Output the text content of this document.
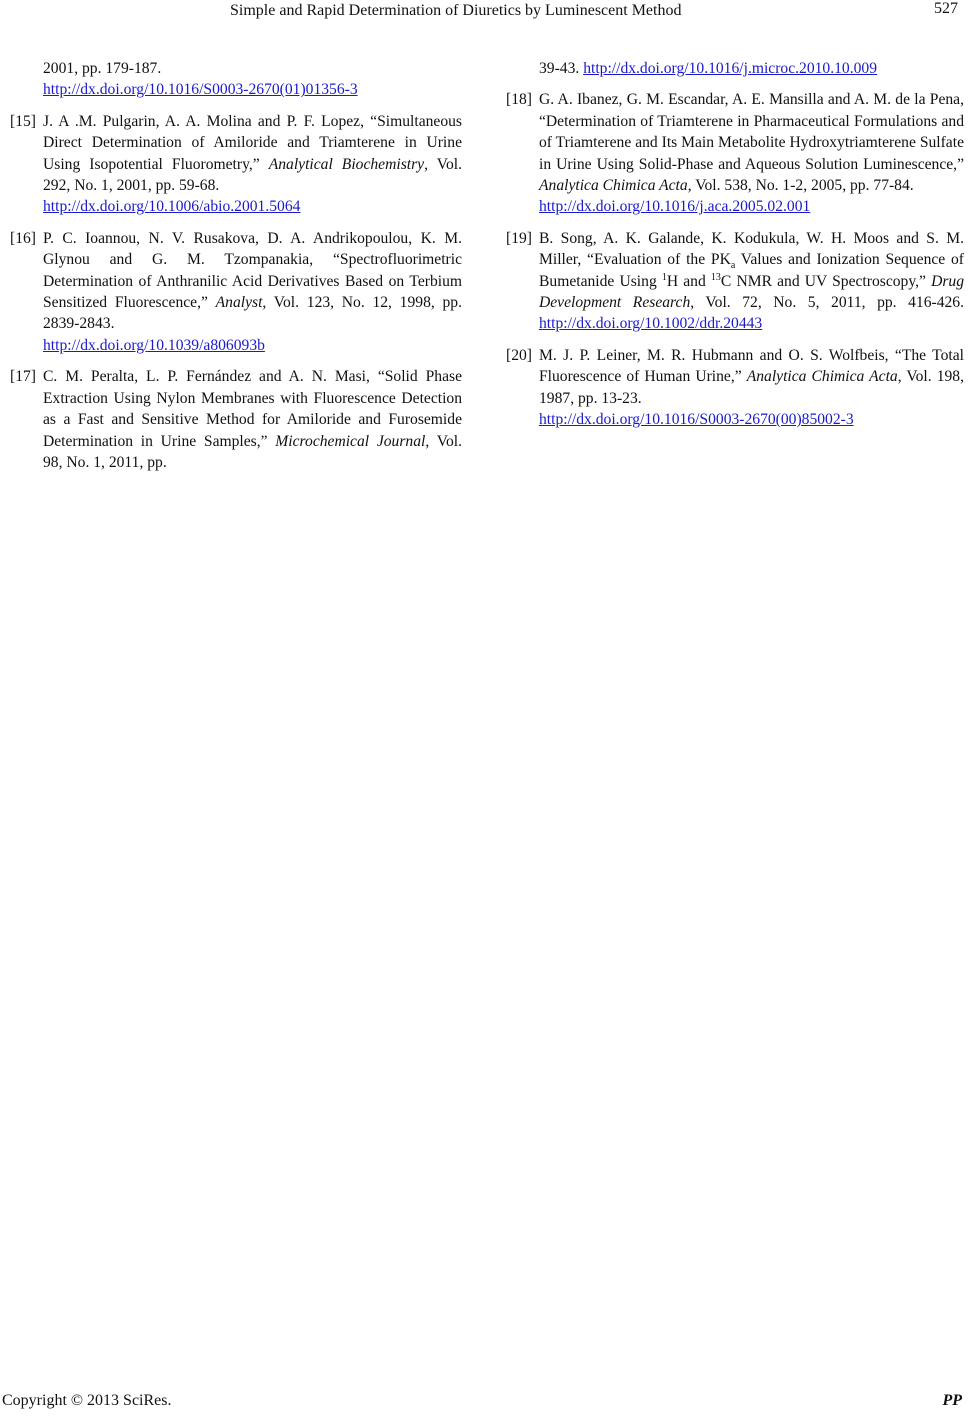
Simple and Rapid Determination of Diuretics by Luminescent Method	527
2001, pp. 179-187.
http://dx.doi.org/10.1016/S0003-2670(01)01356-3
[15] J. A .M. Pulgarin, A. A. Molina and P. F. Lopez, “Simultaneous Direct Determination of Amiloride and Triamterene in Urine Using Isopotential Fluorometry,” Analytical Biochemistry, Vol. 292, No. 1, 2001, pp. 59-68.
http://dx.doi.org/10.1006/abio.2001.5064
[16] P. C. Ioannou, N. V. Rusakova, D. A. Andrikopoulou, K. M. Glynou and G. M. Tzompanakia, “Spectrofluorimetric Determination of Anthranilic Acid Derivatives Based on Terbium Sensitized Fluorescence,” Analyst, Vol. 123, No. 12, 1998, pp. 2839-2843.
http://dx.doi.org/10.1039/a806093b
[17] C. M. Peralta, L. P. Fernández and A. N. Masi, “Solid Phase Extraction Using Nylon Membranes with Fluorescence Detection as a Fast and Sensitive Method for Amiloride and Furosemide Determination in Urine Samples,” Microchemical Journal, Vol. 98, No. 1, 2011, pp.
39-43. http://dx.doi.org/10.1016/j.microc.2010.10.009
[18] G. A. Ibanez, G. M. Escandar, A. E. Mansilla and A. M. de la Pena, “Determination of Triamterene in Pharmaceutical Formulations and of Triamterene and Its Main Metabolite Hydroxytriamterene Sulfate in Urine Using Solid-Phase and Aqueous Solution Luminescence,” Analytica Chimica Acta, Vol. 538, No. 1-2, 2005, pp. 77-84.
http://dx.doi.org/10.1016/j.aca.2005.02.001
[19] B. Song, A. K. Galande, K. Kodukula, W. H. Moos and S. M. Miller, “Evaluation of the $PK_a$ Values and Ionization Sequence of Bumetanide Using $^1$H and $^{13}$C NMR and UV Spectroscopy,” Drug Development Research, Vol. 72, No. 5, 2011, pp. 416-426. http://dx.doi.org/10.1002/ddr.20443
[20] M. J. P. Leiner, M. R. Hubmann and O. S. Wolfbeis, “The Total Fluorescence of Human Urine,” Analytica Chimica Acta, Vol. 198, 1987, pp. 13-23.
http://dx.doi.org/10.1016/S0003-2670(00)85002-3
Copyright © 2013 SciRes.	PP
